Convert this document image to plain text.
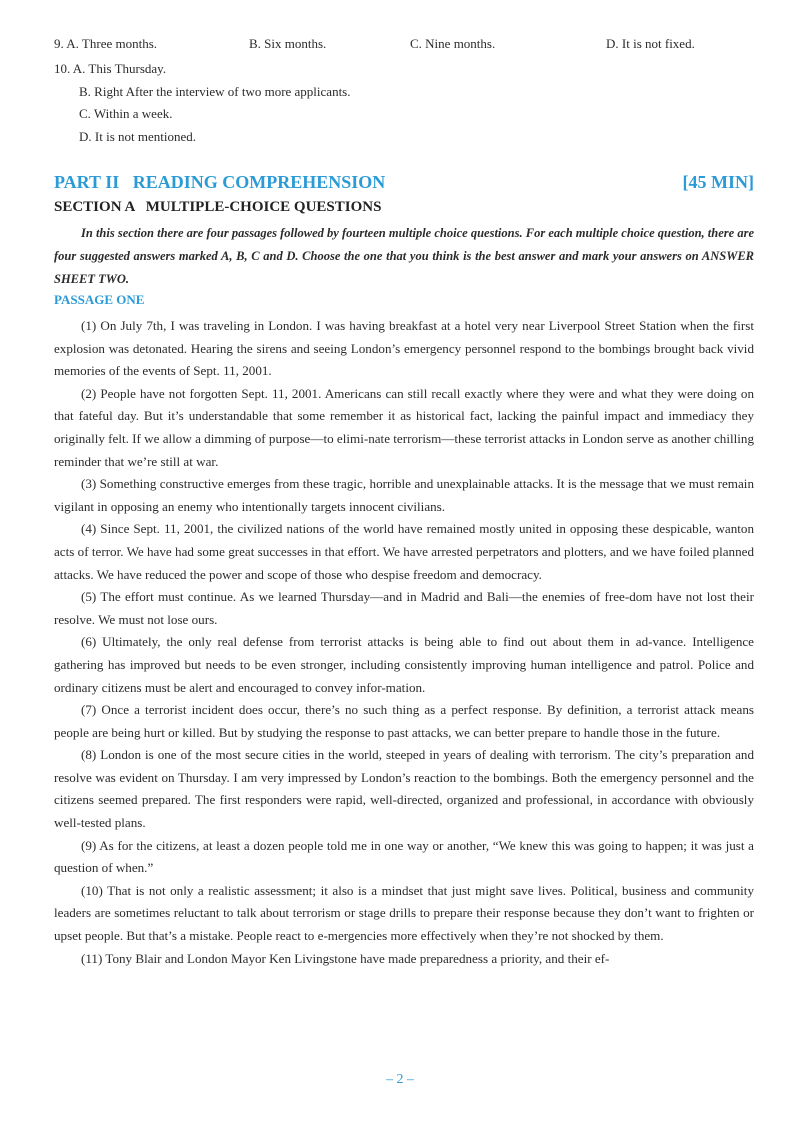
9. A. Three months.	B. Six months.	C. Nine months.	D. It is not fixed.
10. A. This Thursday.
B. Right After the interview of two more applicants.
C. Within a week.
D. It is not mentioned.
PART II   READING COMPREHENSION	[45 MIN]
SECTION A   MULTIPLE-CHOICE QUESTIONS
In this section there are four passages followed by fourteen multiple choice questions. For each multiple choice question, there are four suggested answers marked A, B, C and D. Choose the one that you think is the best answer and mark your answers on ANSWER SHEET TWO.
PASSAGE ONE

(1) On July 7th, I was traveling in London. I was having breakfast at a hotel very near Liverpool Street Station when the first explosion was detonated. Hearing the sirens and seeing London’s emergency personnel respond to the bombings brought back vivid memories of the events of Sept. 11, 2001.

(2) People have not forgotten Sept. 11, 2001. Americans can still recall exactly where they were and what they were doing on that fateful day. But it’s understandable that some remember it as historical fact, lacking the painful impact and immediacy they originally felt. If we allow a dimming of purpose—to elimi-nate terrorism—these terrorist attacks in London serve as another chilling reminder that we’re still at war.

(3) Something constructive emerges from these tragic, horrible and unexplainable attacks. It is the message that we must remain vigilant in opposing an enemy who intentionally targets innocent civilians.

(4) Since Sept. 11, 2001, the civilized nations of the world have remained mostly united in opposing these despicable, wanton acts of terror. We have had some great successes in that effort. We have arrested perpetrators and plotters, and we have foiled planned attacks. We have reduced the power and scope of those who despise freedom and democracy.

(5) The effort must continue. As we learned Thursday—and in Madrid and Bali—the enemies of free-dom have not lost their resolve. We must not lose ours.

(6) Ultimately, the only real defense from terrorist attacks is being able to find out about them in ad-vance. Intelligence gathering has improved but needs to be even stronger, including consistently improving human intelligence and patrol. Police and ordinary citizens must be alert and encouraged to convey infor-mation.

(7) Once a terrorist incident does occur, there’s no such thing as a perfect response. By definition, a terrorist attack means people are being hurt or killed. But by studying the response to past attacks, we can better prepare to handle those in the future.

(8) London is one of the most secure cities in the world, steeped in years of dealing with terrorism. The city’s preparation and resolve was evident on Thursday. I am very impressed by London’s reaction to the bombings. Both the emergency personnel and the citizens seemed prepared. The first responders were rapid, well-directed, organized and professional, in accordance with obviously well-tested plans.

(9) As for the citizens, at least a dozen people told me in one way or another, “We knew this was going to happen; it was just a question of when.”

(10) That is not only a realistic assessment; it also is a mindset that just might save lives. Political, business and community leaders are sometimes reluctant to talk about terrorism or stage drills to prepare their response because they don’t want to frighten or upset people. But that’s a mistake. People react to e-mergencies more effectively when they’re not shocked by them.

(11) Tony Blair and London Mayor Ken Livingstone have made preparedness a priority, and their ef-

– 2 –
